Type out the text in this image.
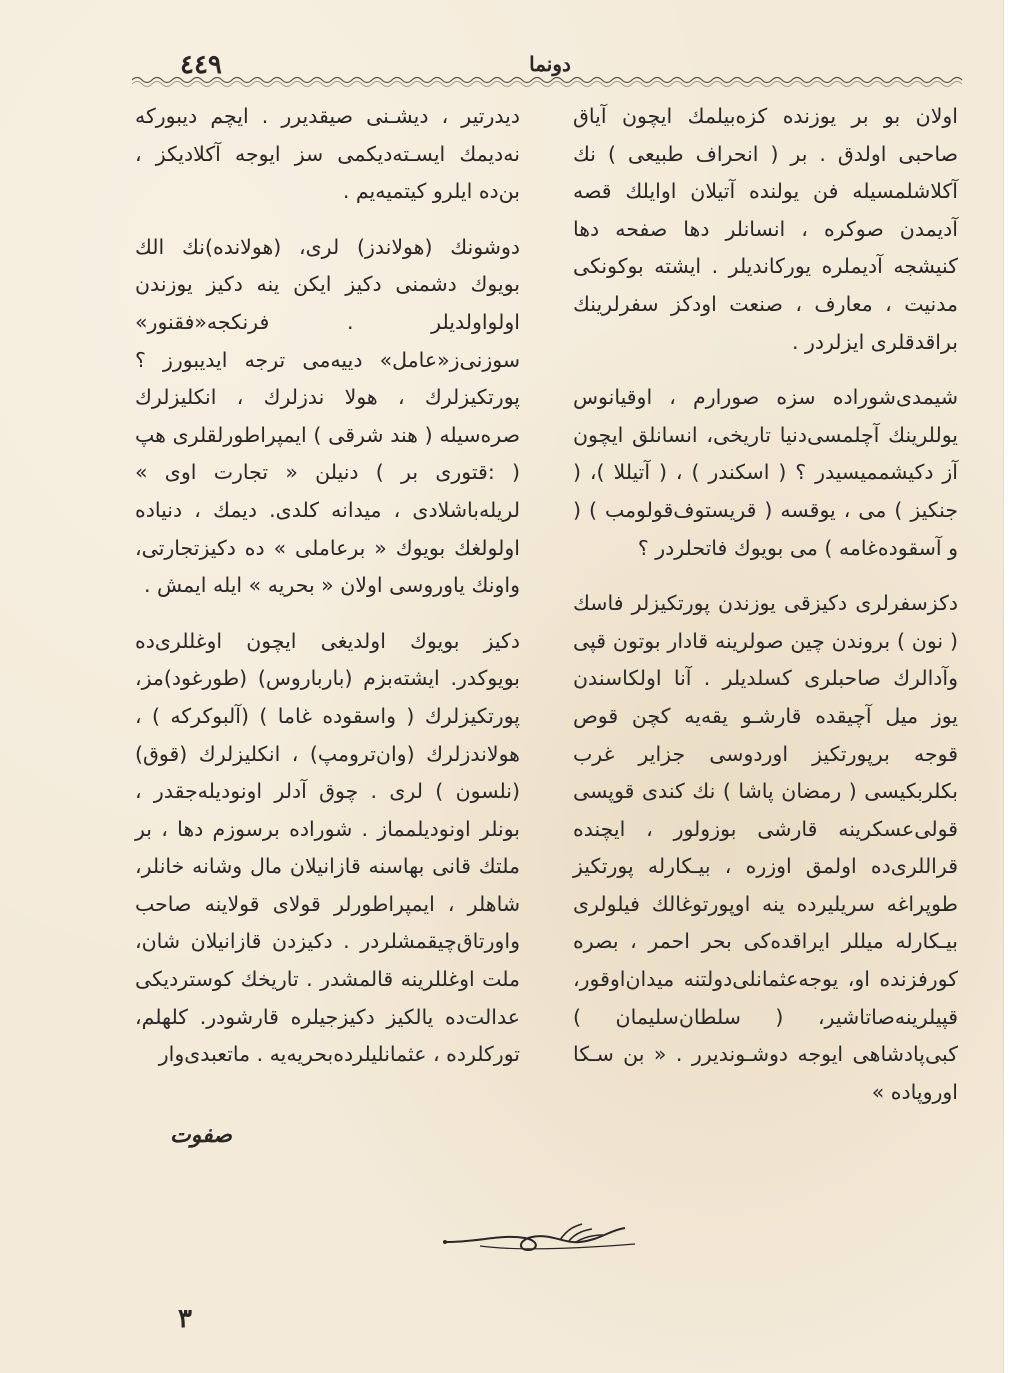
٤٤٩	دونما

اولان بو بر یوزنده کزه‌بیلمك ایچون آیاق صاحبی اولدق . بر ( انحراف طبیعی ) نك آکلاشلمسیله فن یولنده آتیلان اوایلك قصه آدیمدن صوکره ، انسانلر دها صفحه دها کنیشجه آدیملره یورکاندیلر . ایشته بوکونکی مدنیت ، معارف ، صنعت اودکز سفرلرینك براقدقلری ایزلردر .

شیمدی‌شوراده سزه صورارم ، اوقیانوس یوللرینك آچلمسی‌دنیا تاریخی، انسانلق ایچون آز دکیشممیسیدر ؟ ( اسکندر ) ، ( آتیللا )، ( جنکیز ) می ، یوقسه ( قریستوف‌قولومب ) ( و آسقوده‌غامه ) می بویوك فاتحلردر ؟

دکزسفرلری دکیزقی یوزندن پورتکیزلر فاسك ( نون ) بروندن چین صولرینه قادار بوتون قپی وآدالرك صاحبلری کسلدیلر . آنا اولکاسندن یوز میل آچیقده قارشـو یقه‌یه کچن قوص قوجه برپورتکیز اوردوسی جزایر غرب بکلربکیسی ( رمضان پاشا ) نك کندی قوپسی قولی‌عسکرینه قارشی بوزولور ، ایچنده قراللری‌ده اولمق اوزره ، بیـکارله پورتکیز طوپراغه سریلیرده ینه اوپورتوغالك فیلولری بیـکارله میللر ایراقده‌کی بحر احمر ، بصره کورفزنده او، یوجه‌عثمانلی‌دولتنه میدان‌اوقور، قپیلرینه‌صاتاشیر، ( سلطان‌سلیمان ) کبی‌پادشاهی ایوجه دوشـوندیرر . « بن سـکا اوروپاده »

دیدرتیر ، دیشـنی صیقدیرر . ایچم دیبورکه نه‌دیمك ایسـته‌دیکمی سز ایوجه آکلادیکز ، بن‌ده ایلرو کیتمیه‌یم .

دوشونك (هولاندز) لری، (هولانده)نك الك بویوك دشمنی دکیز ایکن ینه دکیز یوزندن اولواولدیلر . فرنکجه«فقنور» سوزنی‌ز«عامل» دییه‌می ترجه ایدیبورز ؟ پورتکیزلرك ، هولا ندزلرك ، انکلیزلرك صره‌سیله ( هند شرقی ) ایمپراطورلقلری هپ ( :قتوری بر ) دنیلن « تجارت اوی » لریله‌باشلادی ، میدانه کلدی. دیمك ، دنیاده اولولغك بویوك « برعاملی » ده دکیزتجارتی، واونك یاوروسی اولان « بحریه » ایله ایمش .

دکیز بویوك اولدیغی ایچون اوغللری‌ده بویوکدر. ایشته‌بزم (بارباروس) (طورغود)مز، پورتکیزلرك ( واسقوده غاما ) (آلبوکرکه ) ، هولاندزلرك (وان‌ترومپ) ، انکلیزلرك (قوق) (نلسون ) لری . چوق آدلر اونودیله‌جقدر ، بونلر اونودیلمماز . شوراده برسوزم دها ، بر ملتك قانی بهاسنه قازانیلان مال وشانه خانلر، شاهلر ، ایمپراطورلر قولای قولاینه صاحب واورتاق‌چیقمشلردر . دکیزدن قازانیلان شان، ملت اوغللرینه قالمشدر . تاریخك کوستردیکی عدالت‌ده یالکیز دکیزجیلره قارشودر. کلهلم، تورکلرده ، عثمانلیلرده‌بحریه‌یه . ماتعبدی‌وار

صفوت
٣
